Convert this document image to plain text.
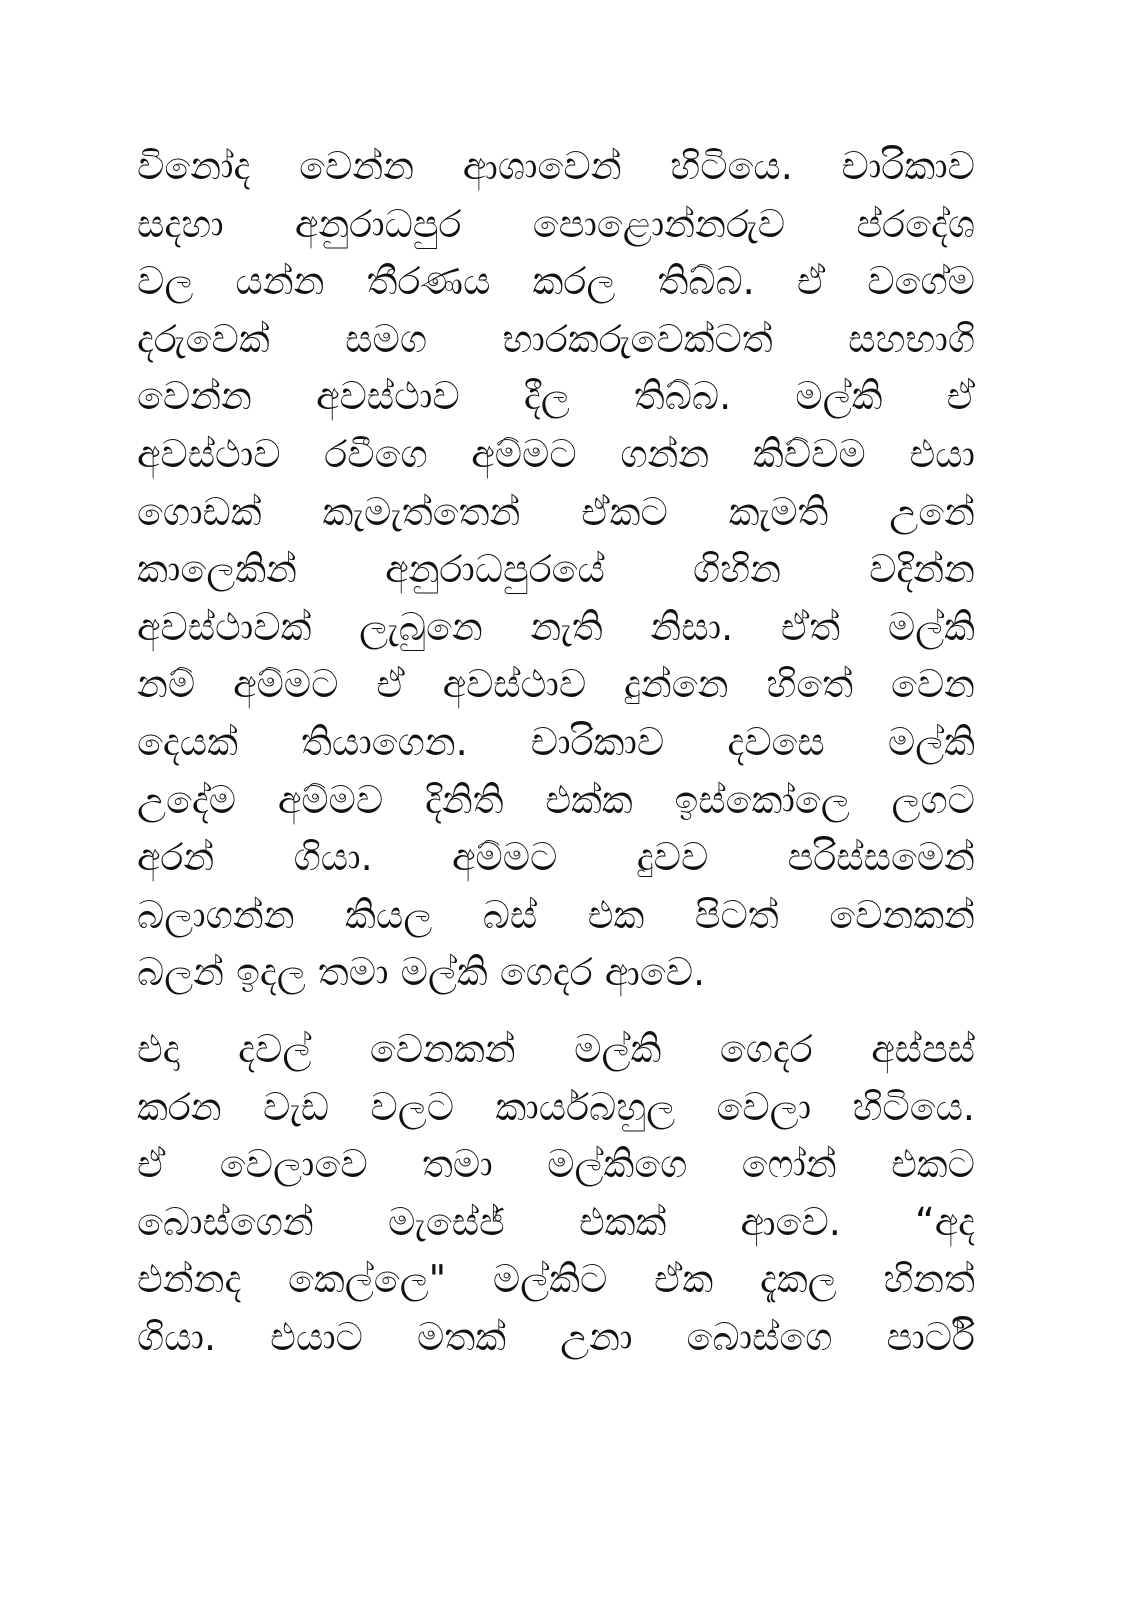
විනෝද වෙන්න ආශාවෙන් හිටියෙ. චාරිකාව
සදහා අනුරාධපුර පොළොන්නරුව ප්රදේශ
වල යන්න තීරණය කරල තිබ්බ. ඒ වගේම
දරුවෙක් සමග භාරකරුවෙක්ටත් සහභාගි
වෙන්න අවස්ථාව දීල තිබ්බ. මල්කි ඒ
අවස්ථාව රවීගෙ අම්මට ගන්න කිව්වම එයා
ගොඩක් කැමැත්තෙන් ඒකට කැමති උනේ
කාලෙකින් අනුරාධපුරයේ ගිහින වදින්න
අවස්ථාවක් ලැබුනෙ නැති නිසා. ඒත් මල්කි
නම් අම්මට ඒ අවස්ථාව දුන්නෙ හිතේ වෙන
දෙයක් තියාගෙන. චාරිකාව දවසෙ මල්කි
උදේම අම්මව දිනිති එක්ක ඉස්කෝලෙ ලගට
අරන් ගියා. අම්මට දුවව පරිස්සමෙන්
බලාගන්න කියල බස් එක පිටත් වෙනකන්
බලන් ඉදල තමා මල්කි ගෙදර ආවෙ.
එදා දවල් වෙනකන් මල්කි ගෙදර අස්පස්
කරන වැඩ වලට කාර්යබහුල වෙලා හිටියෙ.
ඒ වෙලාවෙ තමා මල්කිගෙ ෆෝන් එකට
බොස්ගෙන් මැසේජ් එකක් ආවෙ. “අද
එන්නද කෙල්ලෙ" මල්කිට ඒක දැකල හිනත්
ගියා. එයාට මතක් උනා බොස්ගෙ පාර්ටි
